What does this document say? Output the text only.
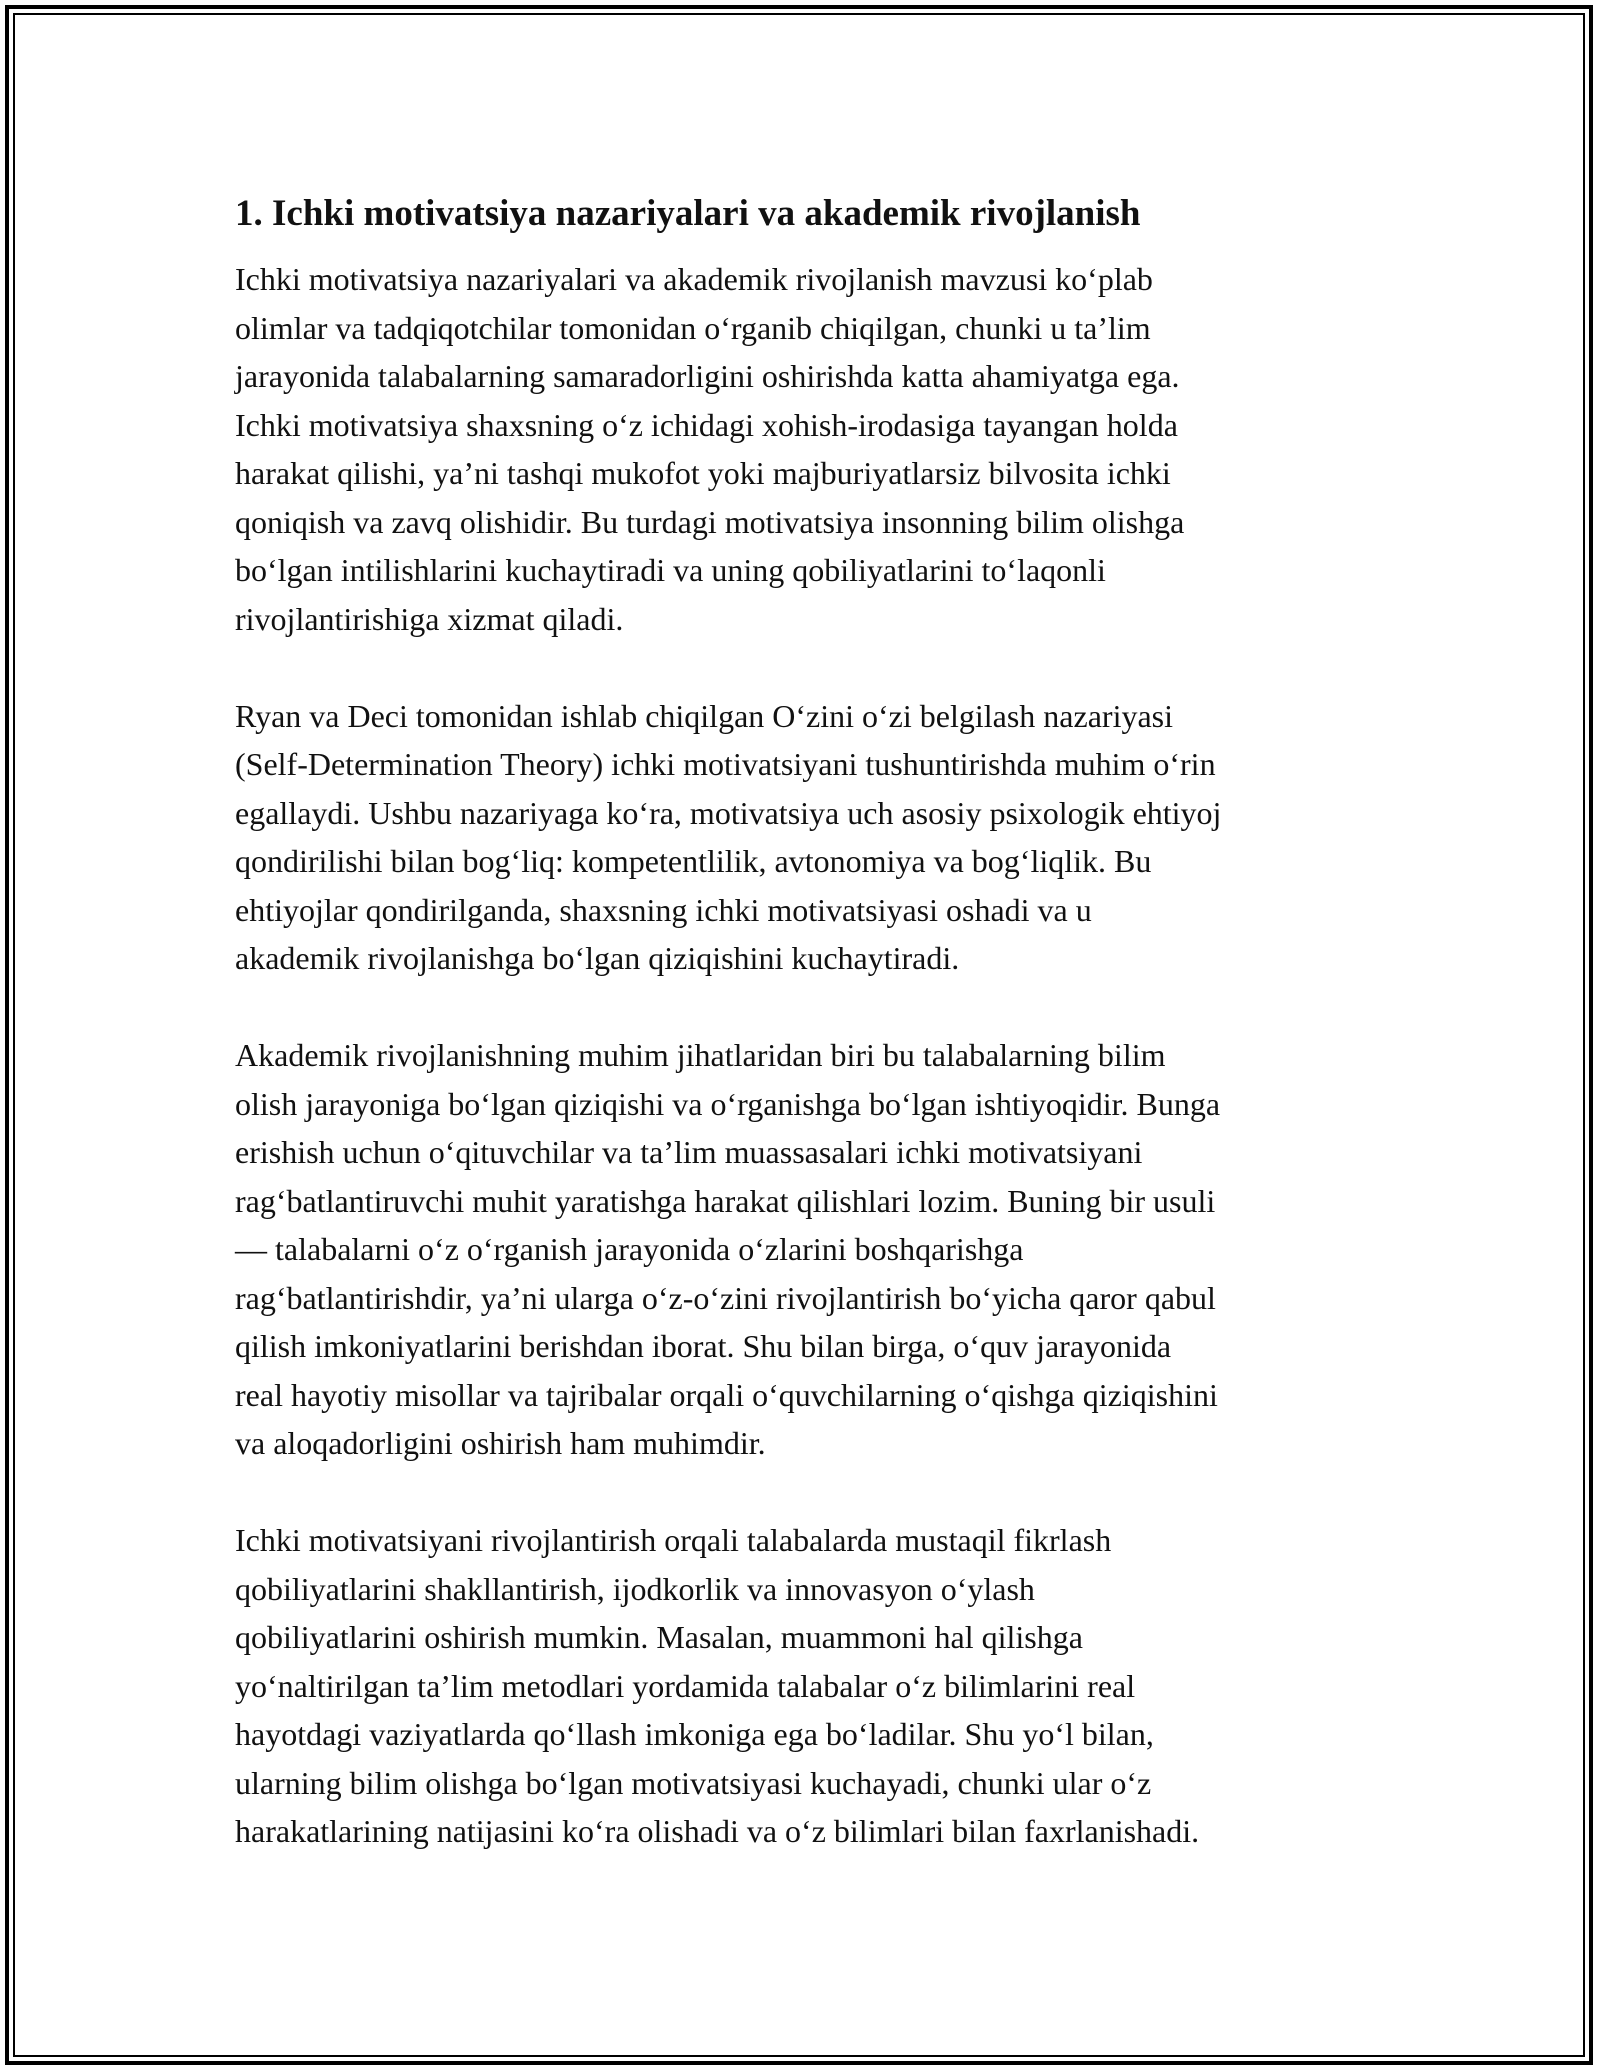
1. Ichki motivatsiya nazariyalari va akademik rivojlanish

Ichki motivatsiya nazariyalari va akademik rivojlanish mavzusi koʻplab
olimlar va tadqiqotchilar tomonidan oʻrganib chiqilgan, chunki u taʼlim
jarayonida talabalarning samaradorligini oshirishda katta ahamiyatga ega.
Ichki motivatsiya shaxsning oʻz ichidagi xohish-irodasiga tayangan holda
harakat qilishi, yaʼni tashqi mukofot yoki majburiyatlarsiz bilvosita ichki
qoniqish va zavq olishidir. Bu turdagi motivatsiya insonning bilim olishga
boʻlgan intilishlarini kuchaytiradi va uning qobiliyatlarini toʻlaqonli
rivojlantirishiga xizmat qiladi.

Ryan va Deci tomonidan ishlab chiqilgan Oʻzini oʻzi belgilash nazariyasi
(Self-Determination Theory) ichki motivatsiyani tushuntirishda muhim oʻrin
egallaydi. Ushbu nazariyaga koʻra, motivatsiya uch asosiy psixologik ehtiyoj
qondirilishi bilan bogʻliq: kompetentlilik, avtonomiya va bogʻliqlik. Bu
ehtiyojlar qondirilganda, shaxsning ichki motivatsiyasi oshadi va u
akademik rivojlanishga boʻlgan qiziqishini kuchaytiradi.

Akademik rivojlanishning muhim jihatlaridan biri bu talabalarning bilim
olish jarayoniga boʻlgan qiziqishi va oʻrganishga boʻlgan ishtiyoqidir. Bunga
erishish uchun oʻqituvchilar va taʼlim muassasalari ichki motivatsiyani
ragʻbatlantiruvchi muhit yaratishga harakat qilishlari lozim. Buning bir usuli
— talabalarni oʻz oʻrganish jarayonida oʻzlarini boshqarishga
ragʻbatlantirishdir, yaʼni ularga oʻz-oʻzini rivojlantirish boʻyicha qaror qabul
qilish imkoniyatlarini berishdan iborat. Shu bilan birga, oʻquv jarayonida
real hayotiy misollar va tajribalar orqali oʻquvchilarning oʻqishga qiziqishini
va aloqadorligini oshirish ham muhimdir.

Ichki motivatsiyani rivojlantirish orqali talabalarda mustaqil fikrlash
qobiliyatlarini shakllantirish, ijodkorlik va innovasyon oʻylash
qobiliyatlarini oshirish mumkin. Masalan, muammoni hal qilishga
yoʻnaltirilgan taʼlim metodlari yordamida talabalar oʻz bilimlarini real
hayotdagi vaziyatlarda qoʻllash imkoniga ega boʻladilar. Shu yoʻl bilan,
ularning bilim olishga boʻlgan motivatsiyasi kuchayadi, chunki ular oʻz
harakatlarining natijasini koʻra olishadi va oʻz bilimlari bilan faxrlanishadi.
